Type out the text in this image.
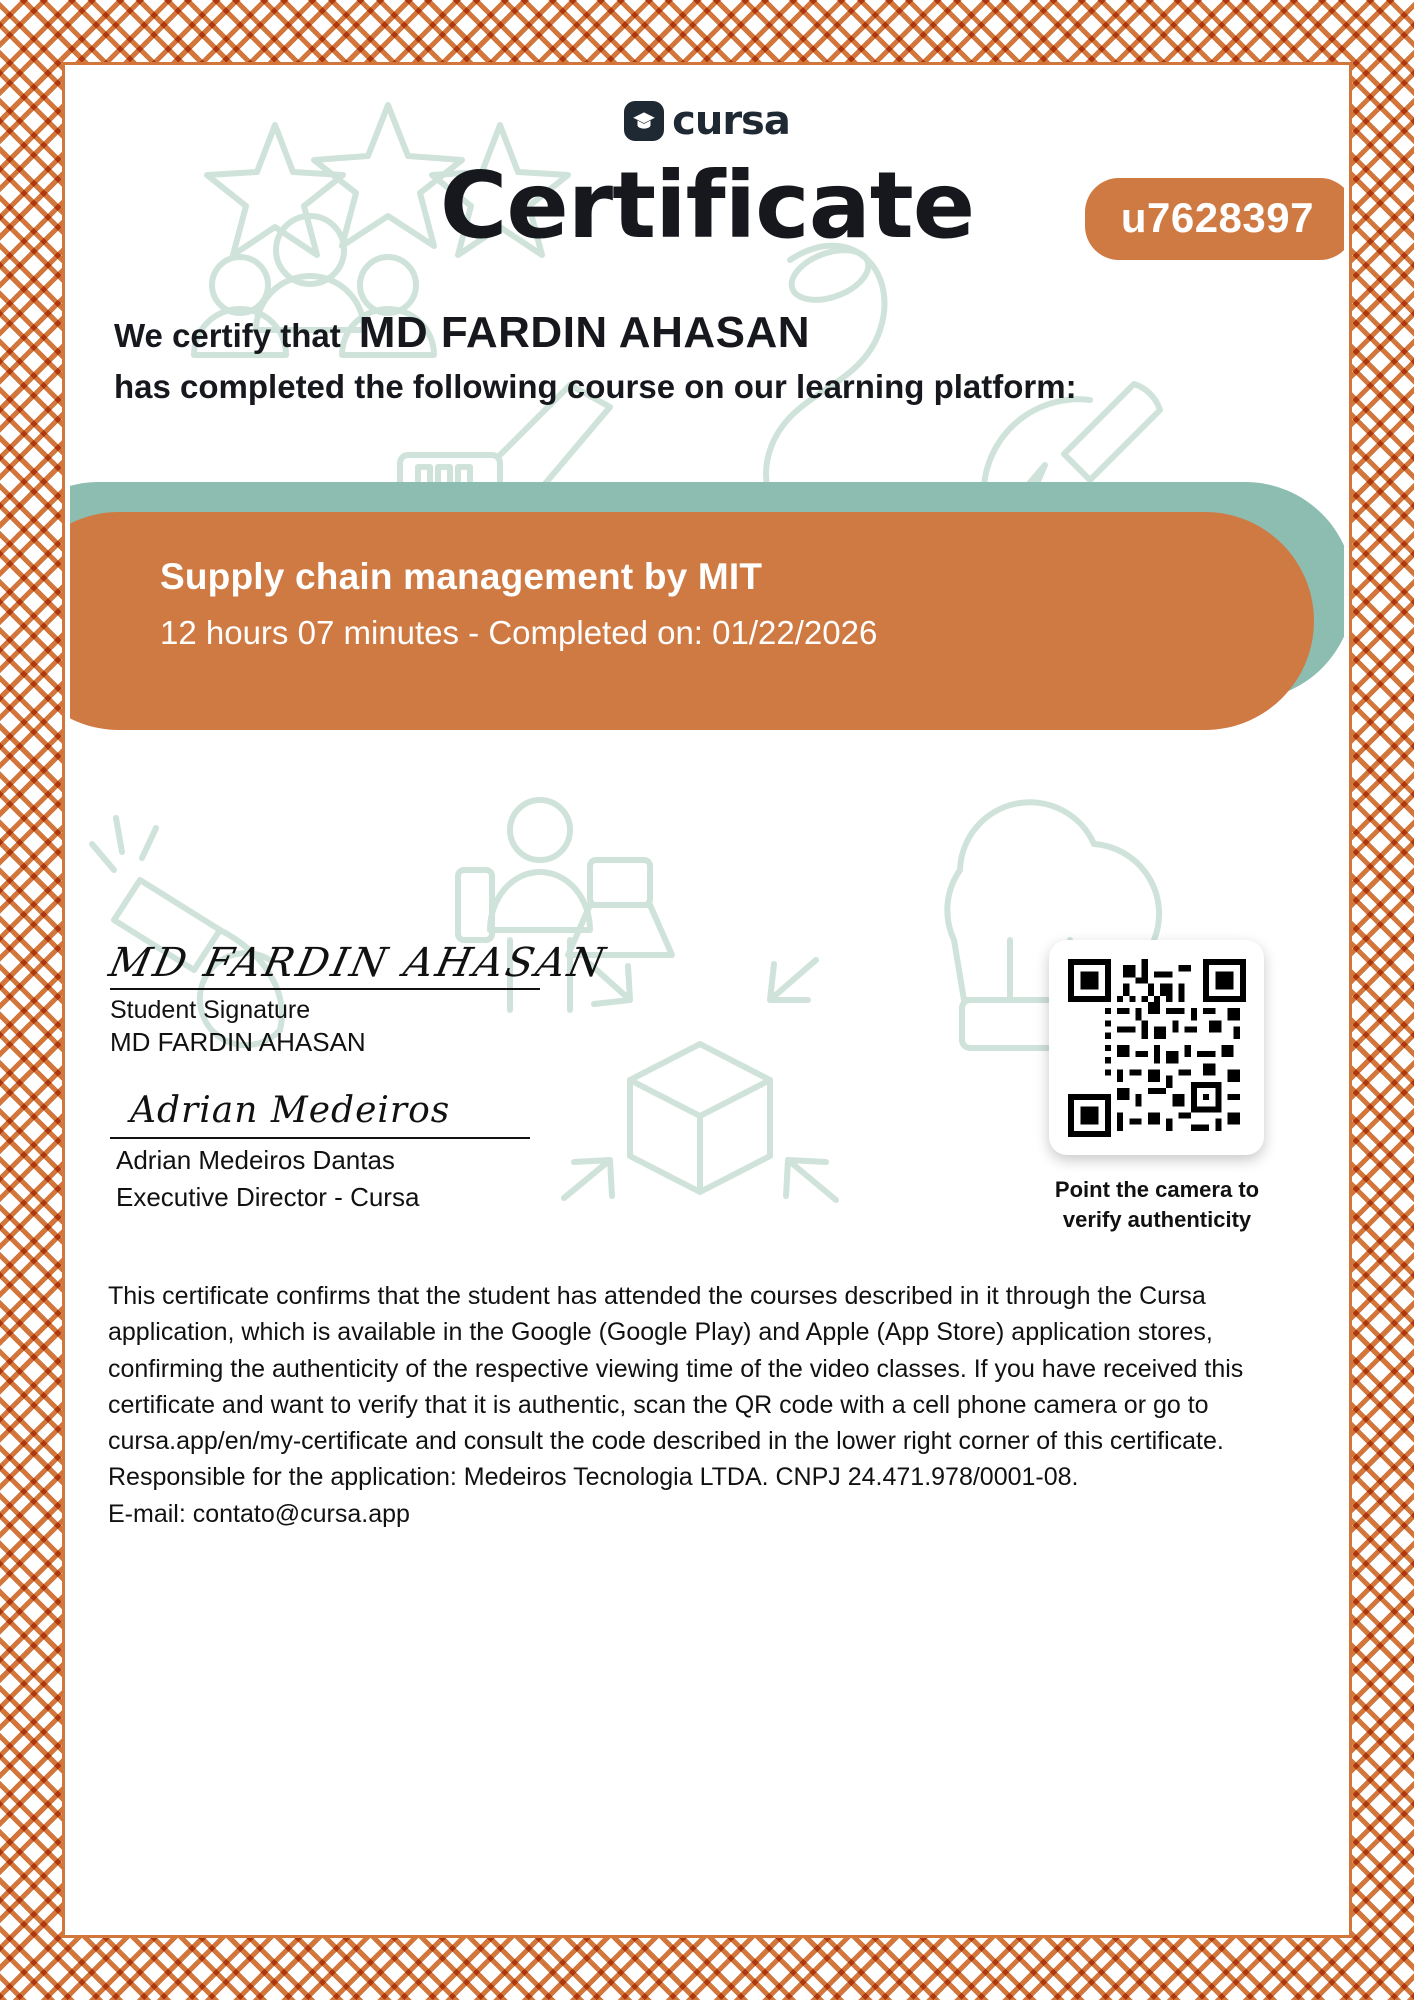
cursa
Certificate	u7628397
We certify that MD FARDIN AHASAN
has completed the following course on our learning platform:
Supply chain management by MIT
12 hours 07 minutes - Completed on: 01/22/2026
MD FARDIN AHASAN
Student Signature
MD FARDIN AHASAN
Adrian Medeiros
Adrian Medeiros Dantas
Executive Director - Cursa	Point the camera to
verify authenticity
This certificate confirms that the student has attended the courses described in it through the Cursa application, which is available in the Google (Google Play) and Apple (App Store) application stores, confirming the authenticity of the respective viewing time of the video classes. If you have received this certificate and want to verify that it is authentic, scan the QR code with a cell phone camera or go to cursa.app/en/my-certificate and consult the code described in the lower right corner of this certificate. Responsible for the application: Medeiros Tecnologia LTDA. CNPJ 24.471.978/0001-08.
E-mail: contato@cursa.app
